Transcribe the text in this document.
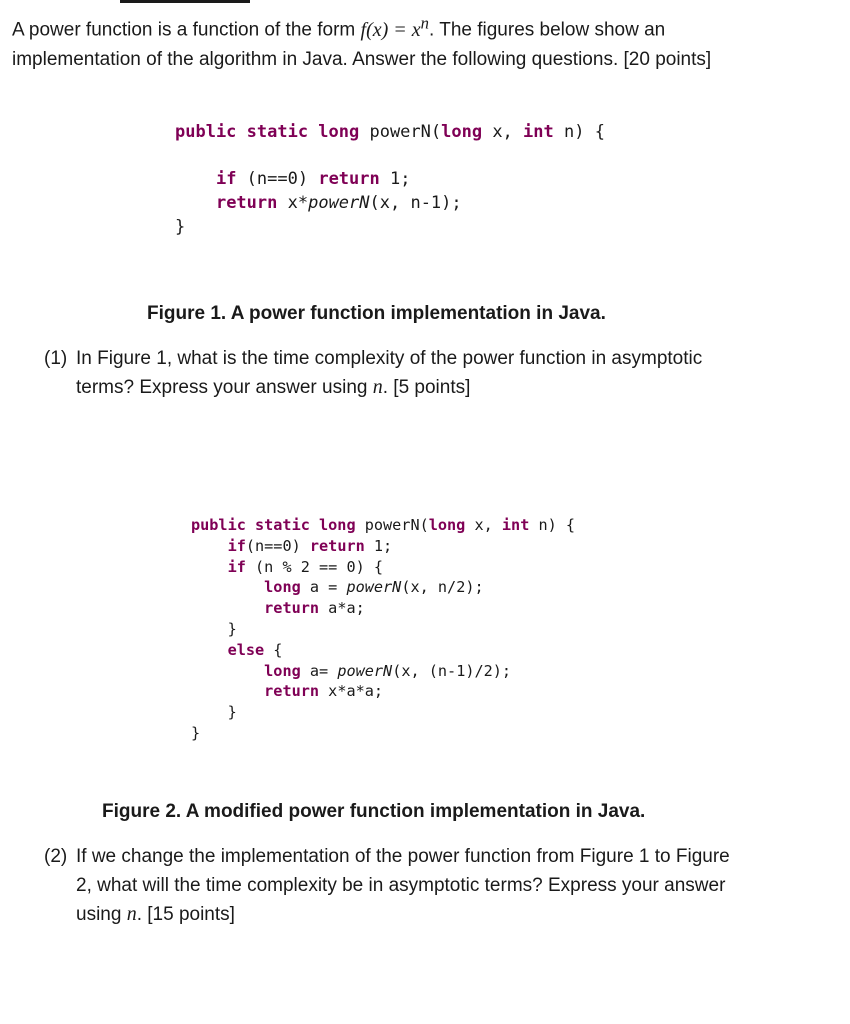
A power function is a function of the form $f(x) = x^n$. The figures below show an implementation of the algorithm in Java. Answer the following questions. [20 points]

public static long powerN(long x, int n) {
if (n==0) return 1;
return x*powerN(x, n-1);
}

Figure 1. A power function implementation in Java.

(1) In Figure 1, what is the time complexity of the power function in asymptotic
terms? Express your answer using n. [5 points]
public static long powerN(long x, int n) {
if(n==0) return 1;
if (n % 2 == 0) {
long a = powerN(x, n/2);
return a*a;
}
else {
long a= powerN(x, (n-1)/2);
return x*a*a;
}
}

Figure 2. A modified power function implementation in Java.

(2) If we change the implementation of the power function from Figure 1 to Figure
2, what will the time complexity be in asymptotic terms? Express your answer
using n. [15 points]
